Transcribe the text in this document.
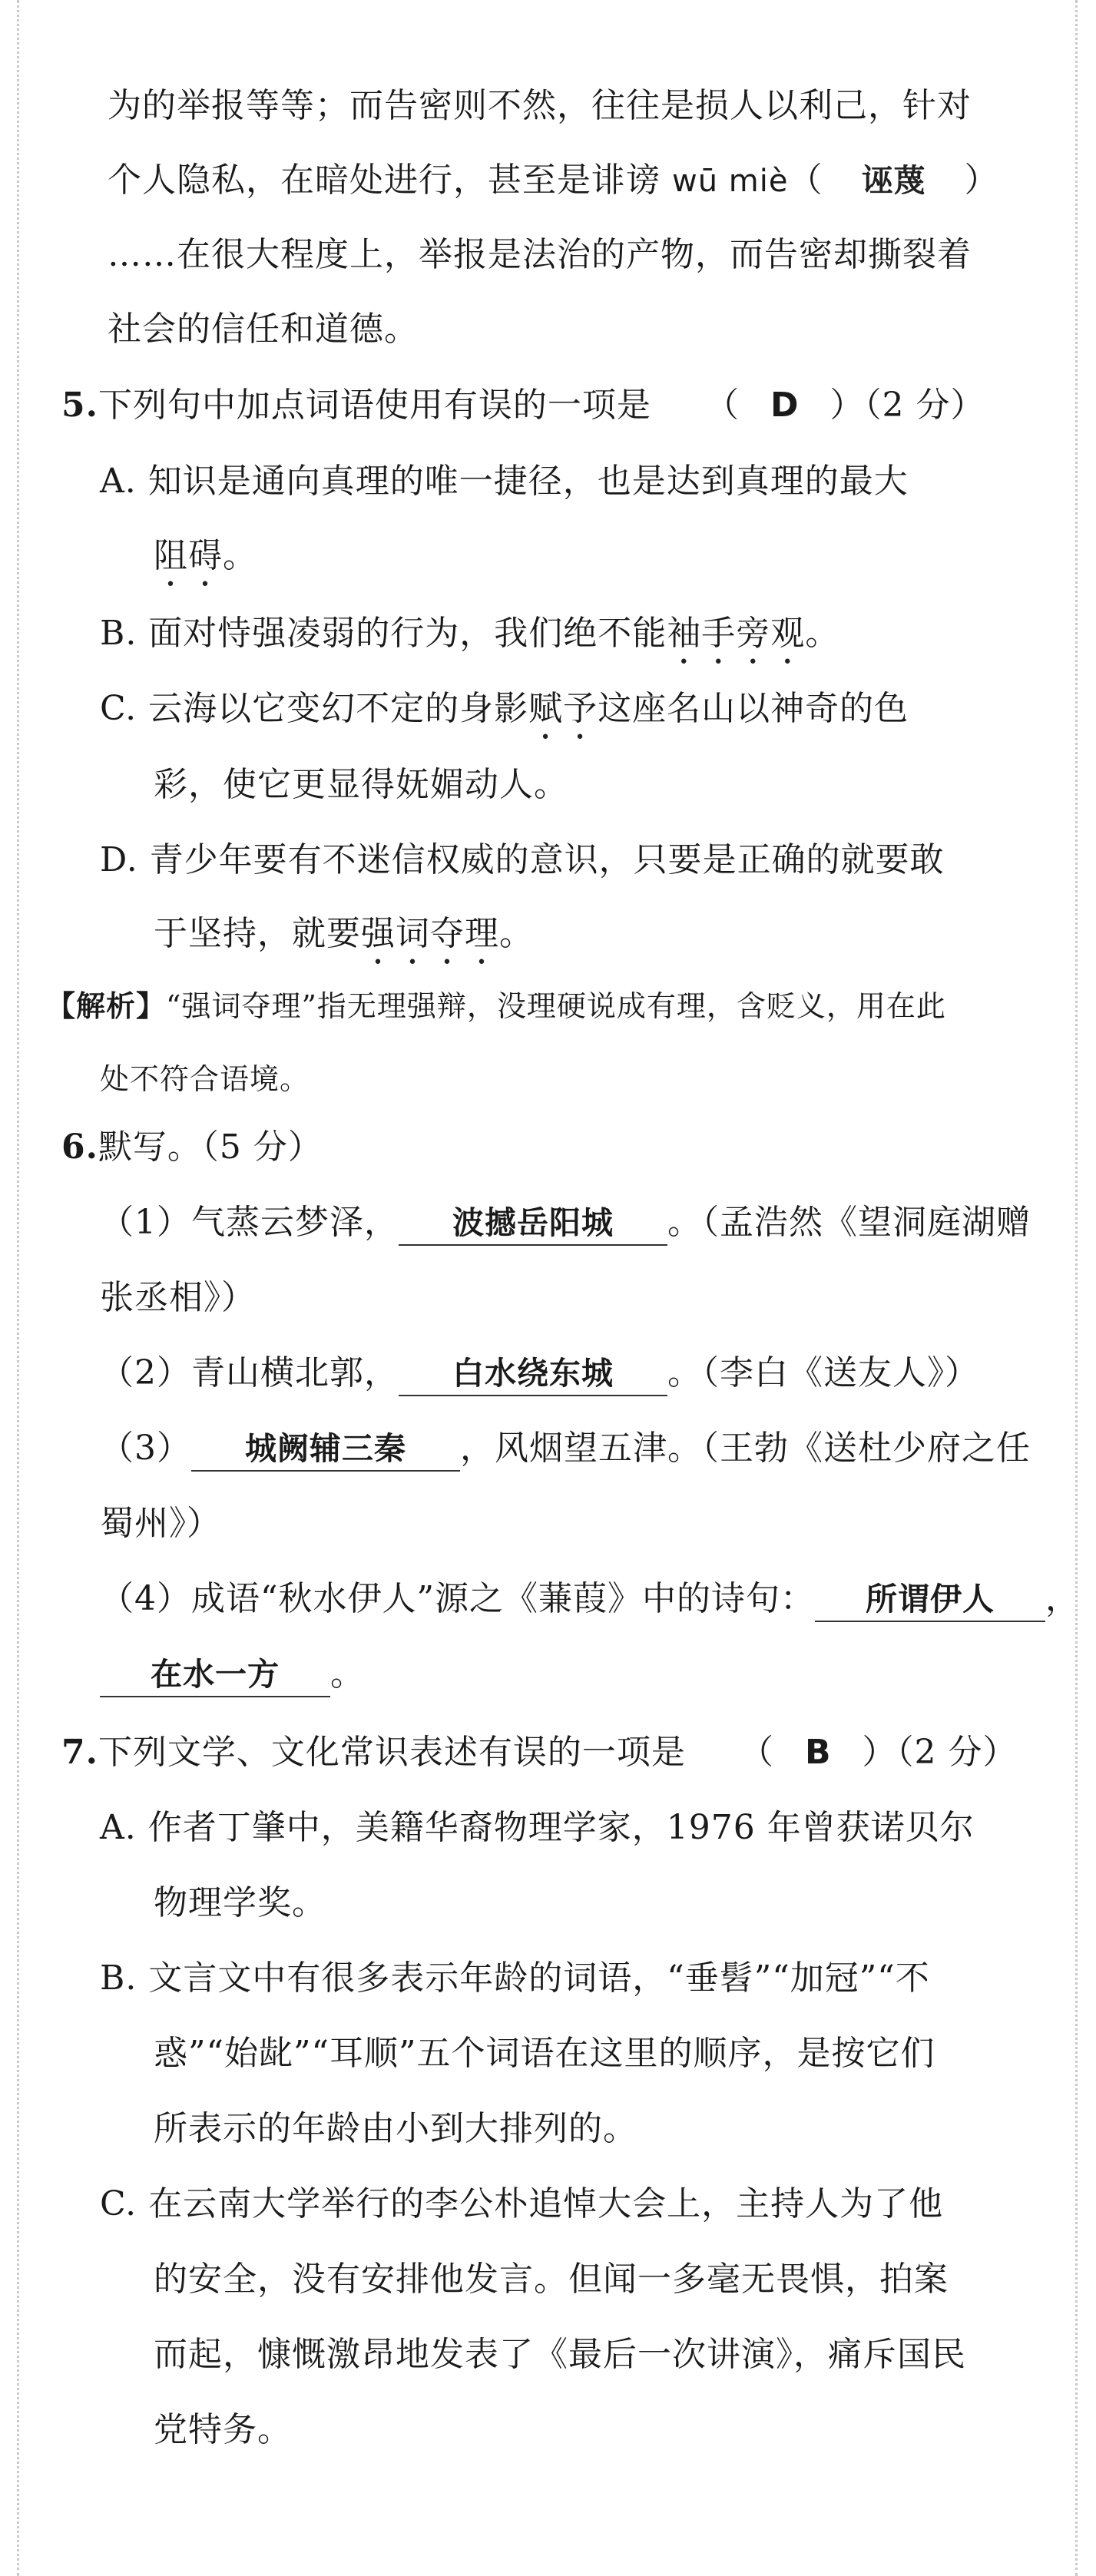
为的举报等等；而告密则不然，往往是损人以利己，针对
个人隐私，在暗处进行，甚至是诽谤 wū miè（ 诬蔑 ）
……在很大程度上，举报是法治的产物，而告密却撕裂着
社会的信任和道德。
5.下列句中加点词语使用有误的一项是 （ D ）（2 分）
A. 知识是通向真理的唯一捷径，也是达到真理的最大
阻碍。
B. 面对恃强凌弱的行为，我们绝不能袖手旁观。
C. 云海以它变幻不定的身影赋予这座名山以神奇的色
彩，使它更显得妩媚动人。
D. 青少年要有不迷信权威的意识，只要是正确的就要敢
于坚持，就要强词夺理。
【解析】“强词夺理”指无理强辩，没理硬说成有理，含贬义，用在此
处不符合语境。
6.默写。（5 分）
（1）气蒸云梦泽， 波撼岳阳城 。（孟浩然《望洞庭湖赠
张丞相》）
（2）青山横北郭， 白水绕东城 。（李白《送友人》）
（3） 城阙辅三秦 ，风烟望五津。（王勃《送杜少府之任
蜀州》）
（4）成语“秋水伊人”源之《蒹葭》中的诗句： 所谓伊人 ，
在水一方 。
7.下列文学、文化常识表述有误的一项是 （ B ）（2 分）
A. 作者丁肇中，美籍华裔物理学家，1976 年曾获诺贝尔
物理学奖。
B. 文言文中有很多表示年龄的词语，“垂髫”“加冠”“不
惑”“始龀”“耳顺”五个词语在这里的顺序，是按它们
所表示的年龄由小到大排列的。
C. 在云南大学举行的李公朴追悼大会上，主持人为了他
的安全，没有安排他发言。但闻一多毫无畏惧，拍案
而起，慷慨激昂地发表了《最后一次讲演》，痛斥国民
党特务。
